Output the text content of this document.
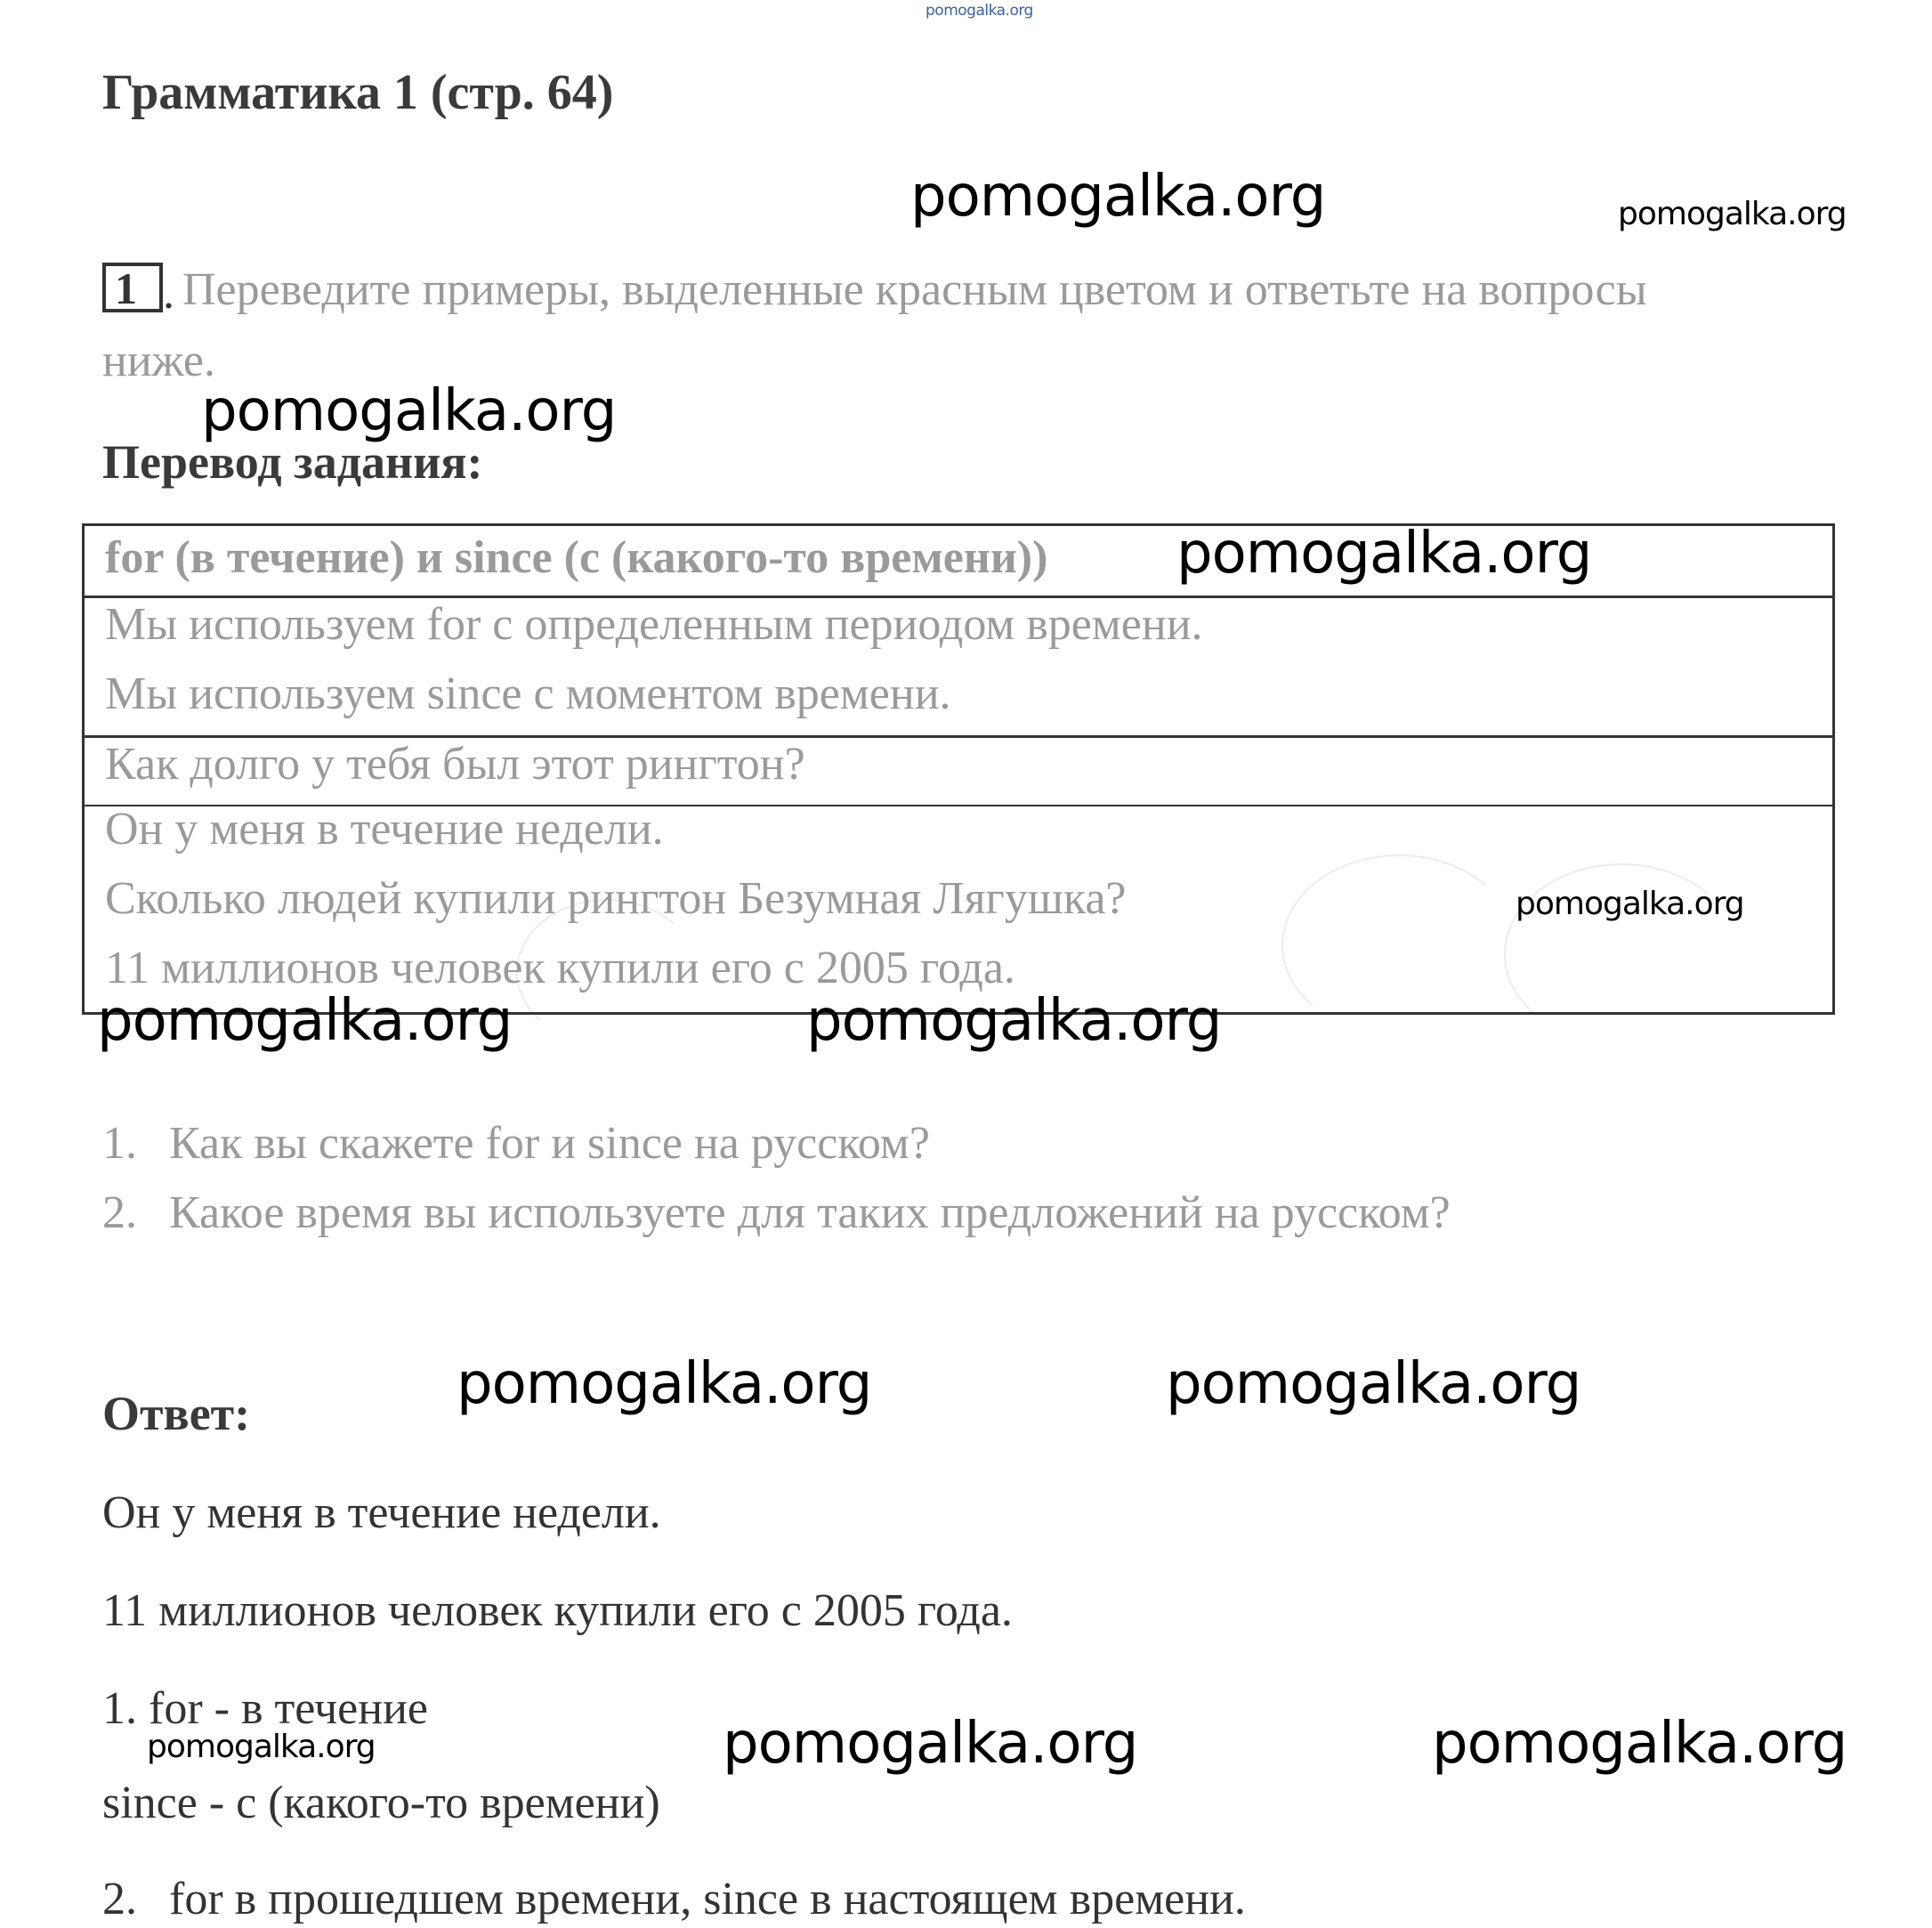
pomogalka.org
Грамматика 1 (стр. 64)
pomogalka.org	pomogalka.org
1 . Переведите примеры, выделенные красным цветом и ответьте на вопросы
ниже.
Перевод задания:
pomogalka.org
for (в течение) и since (с (какого-то времени))
Мы используем for с определенным периодом времени.
Мы используем since с моментом времени.
Как долго у тебя был этот рингтон?
Он у меня в течение недели.
Сколько людей купили рингтон Безумная Лягушка?
11 миллионов человек купили его с 2005 года.
pomogalka.org
pomogalka.org
pomogalka.org	pomogalka.org
1. Как вы скажете for и since на русском?
2. Какое время вы используете для таких предложений на русском?
Ответ:	pomogalka.org	pomogalka.org
Он у меня в течение недели.
11 миллионов человек купили его с 2005 года.
1. for - в течение
pomogalka.org	pomogalka.org	pomogalka.org
since - с (какого-то времени)
2. for в прошедшем времени, since в настоящем времени.
